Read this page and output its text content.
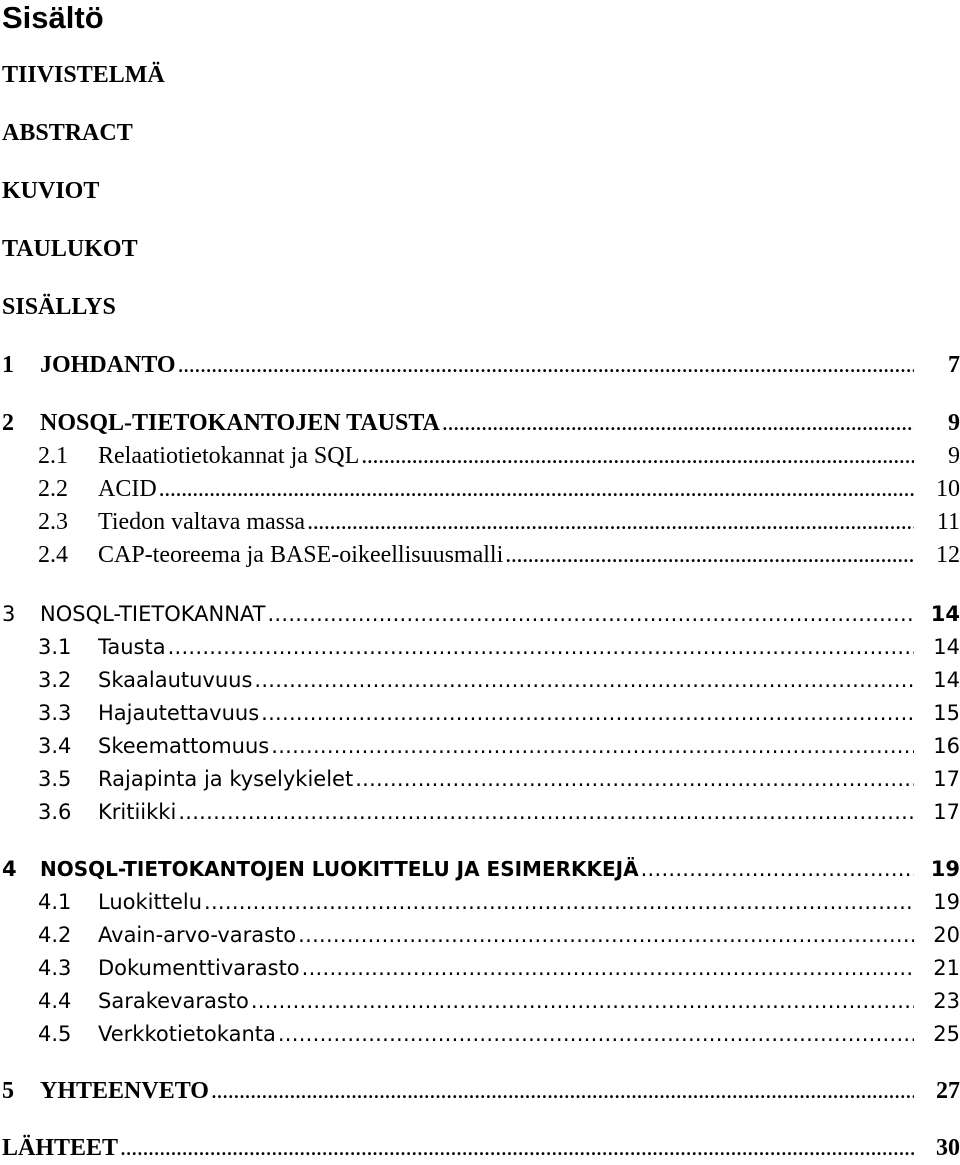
Sisältö
TIIVISTELMÄ
ABSTRACT
KUVIOT
TAULUKOT
SISÄLLYS
1	JOHDANTO . . .	7
2	NOSQL-TIETOKANTOJEN TAUSTA . . .	9
2.1	Relaatiotietokannat ja SQL . . .	9
2.2	ACID . . .	10
2.3	Tiedon valtava massa . . .	11
2.4	CAP-teoreema ja BASE-oikeellisuusmalli . . .	12
3	NOSQL-TIETOKANNAT . . .	14
3.1	Tausta . . .	14
3.2	Skaalautuvuus . . .	14
3.3	Hajautettavuus . . .	15
3.4	Skeemattomuus . . .	16
3.5	Rajapinta ja kyselykielet . . .	17
3.6	Kritiikki . . .	17
4	NOSQL-TIETOKANTOJEN LUOKITTELU JA ESIMERKKEJÄ . . .	19
4.1	Luokittelu . . .	19
4.2	Avain-arvo-varasto . . .	20
4.3	Dokumenttivarasto . . .	21
4.4	Sarakevarasto . . .	23
4.5	Verkkotietokanta . . .	25
5	YHTEENVETO . . .	27
LÄHTEET . . .	30
